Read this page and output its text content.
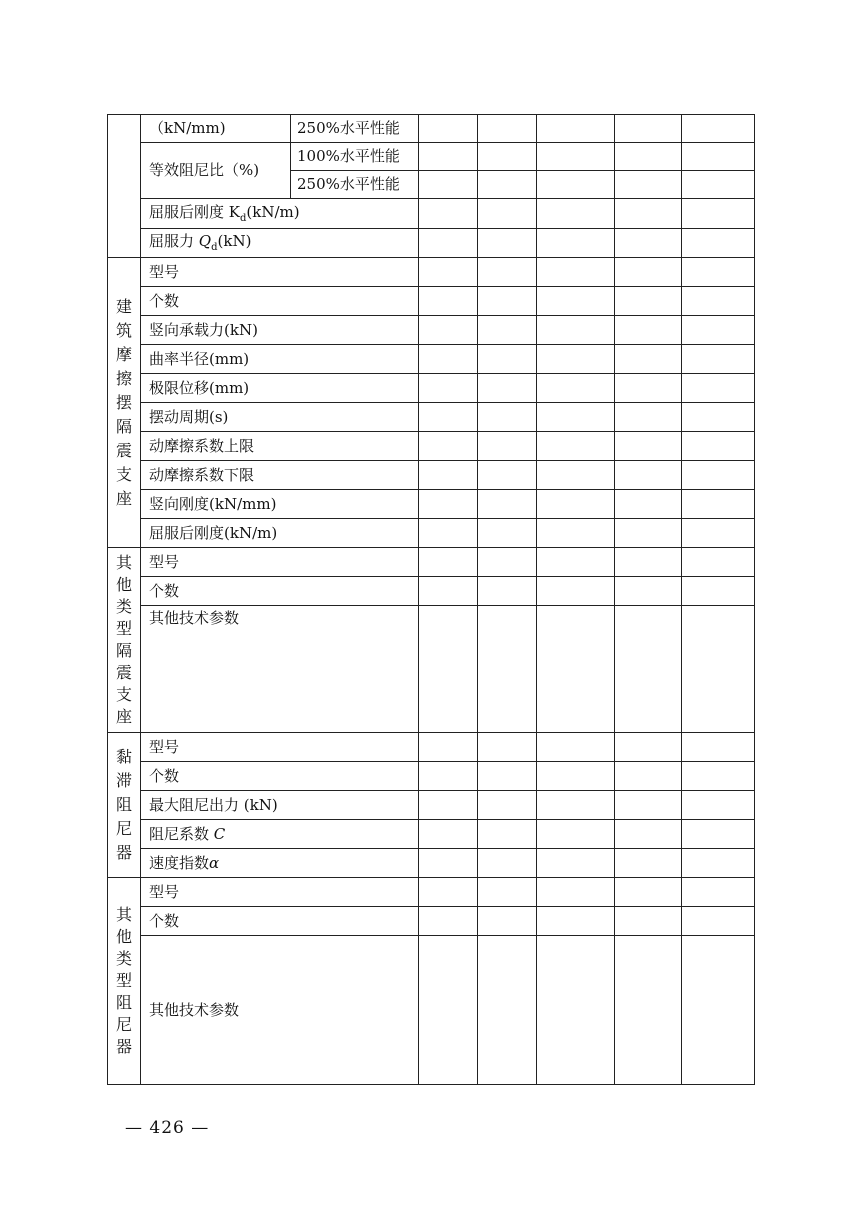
	（kN/mm)	250%水平性能					
	等效阻尼比（%)	100%水平性能					
		250%水平性能					
	屈服后刚度 $K_d(kN/m)$						
	屈服力 $Q_d(kN)$						
建筑摩擦摆隔震支座	型号						
	个数						
	竖向承载力(kN)						
	曲率半径(mm)						
	极限位移(mm)						
	摆动周期(s)						
	动摩擦系数上限						
	动摩擦系数下限						
	竖向刚度(kN/mm)						
	屈服后刚度(kN/m)						
其他类型隔震支座	型号						
	个数						
	其他技术参数						
黏滞阻尼器	型号						
	个数						
	最大阻尼出力 (kN)						
	阻尼系数 C						
	速度指数α						
其他类型阻尼器	型号						
	个数						
	其他技术参数						
— 426 —
